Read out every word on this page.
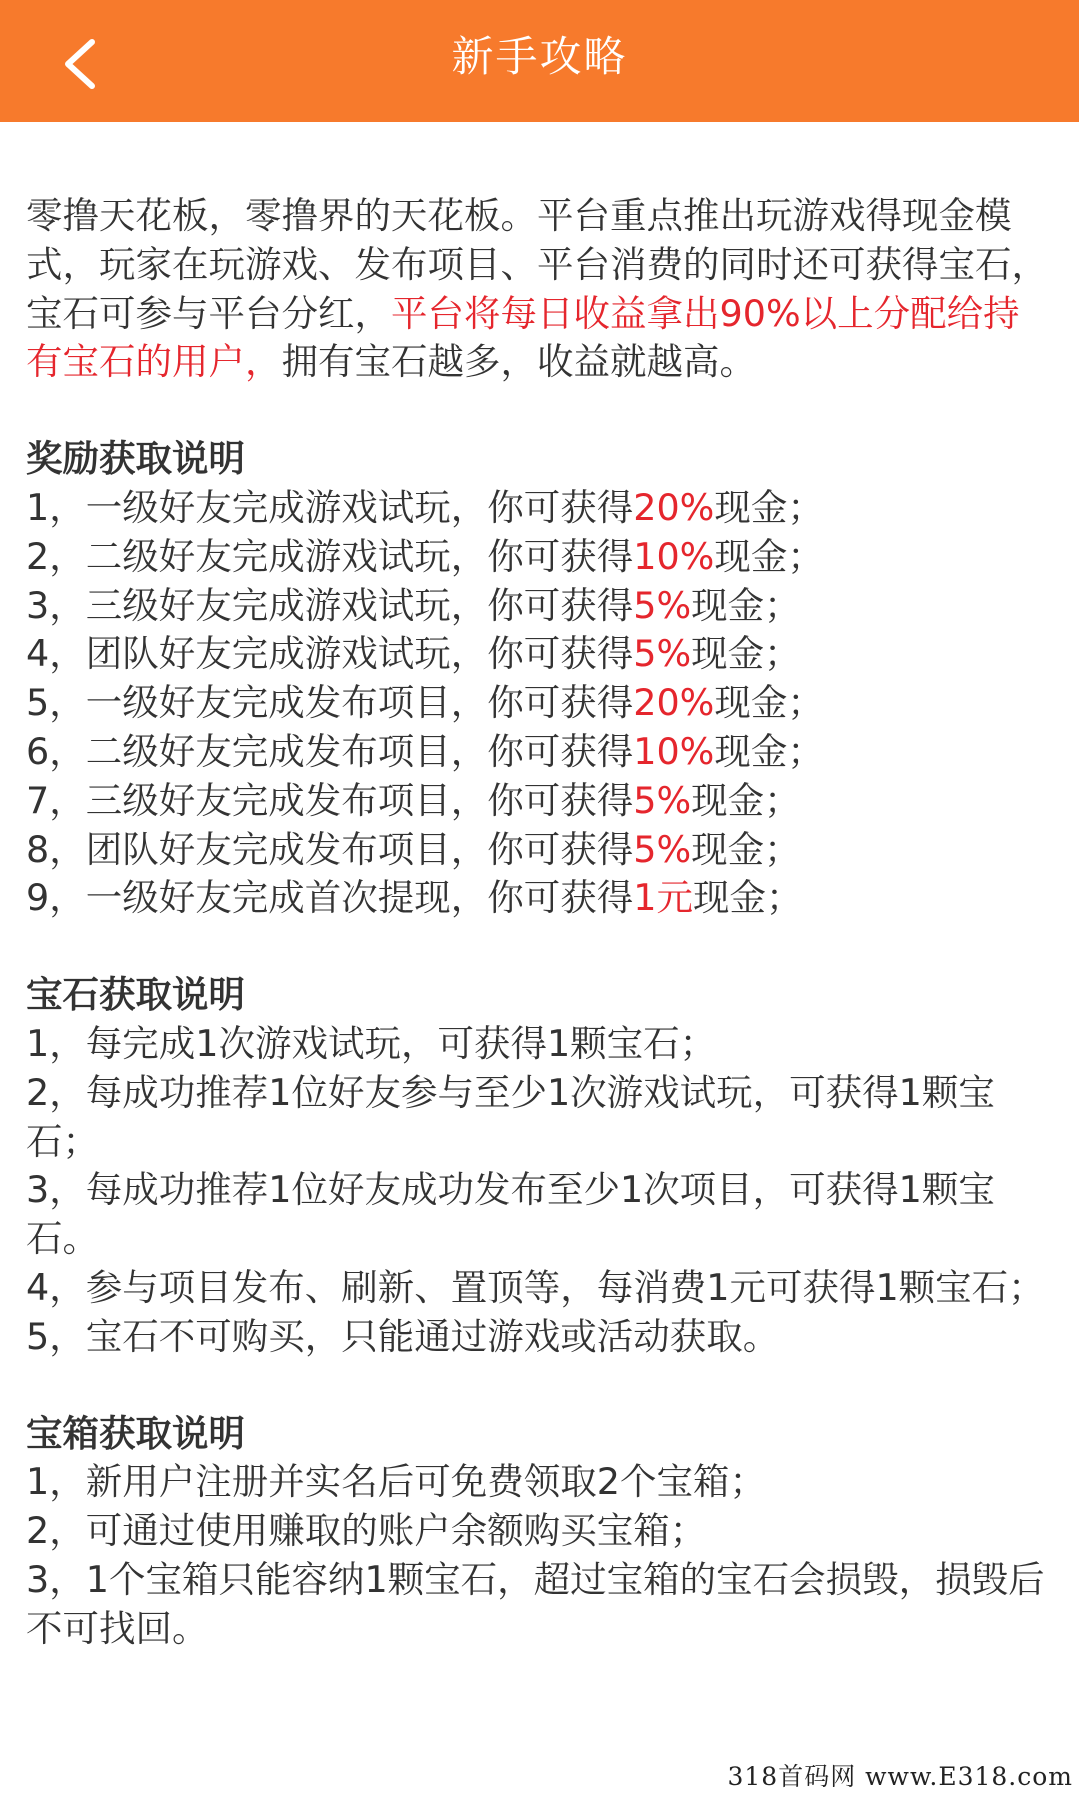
新手攻略

零撸天花板，零撸界的天花板。平台重点推出玩游戏得现金模式，玩家在玩游戏、发布项目、平台消费的同时还可获得宝石，宝石可参与平台分红，平台将每日收益拿出90%以上分配给持有宝石的用户，拥有宝石越多，收益就越高。

奖励获取说明

1，一级好友完成游戏试玩，你可获得20%现金；

2，二级好友完成游戏试玩，你可获得10%现金；

3，三级好友完成游戏试玩，你可获得5%现金；

4，团队好友完成游戏试玩，你可获得5%现金；

5，一级好友完成发布项目，你可获得20%现金；

6，二级好友完成发布项目，你可获得10%现金；

7，三级好友完成发布项目，你可获得5%现金；

8，团队好友完成发布项目，你可获得5%现金；

9，一级好友完成首次提现，你可获得1元现金；

宝石获取说明

1，每完成1次游戏试玩，可获得1颗宝石；

2，每成功推荐1位好友参与至少1次游戏试玩，可获得1颗宝石；

3，每成功推荐1位好友成功发布至少1次项目，可获得1颗宝石。

4，参与项目发布、刷新、置顶等，每消费1元可获得1颗宝石；

5，宝石不可购买，只能通过游戏或活动获取。

宝箱获取说明

1，新用户注册并实名后可免费领取2个宝箱；

2，可通过使用赚取的账户余额购买宝箱；

3，1个宝箱只能容纳1颗宝石，超过宝箱的宝石会损毁，损毁后不可找回。

318首码网 www.E318.com
